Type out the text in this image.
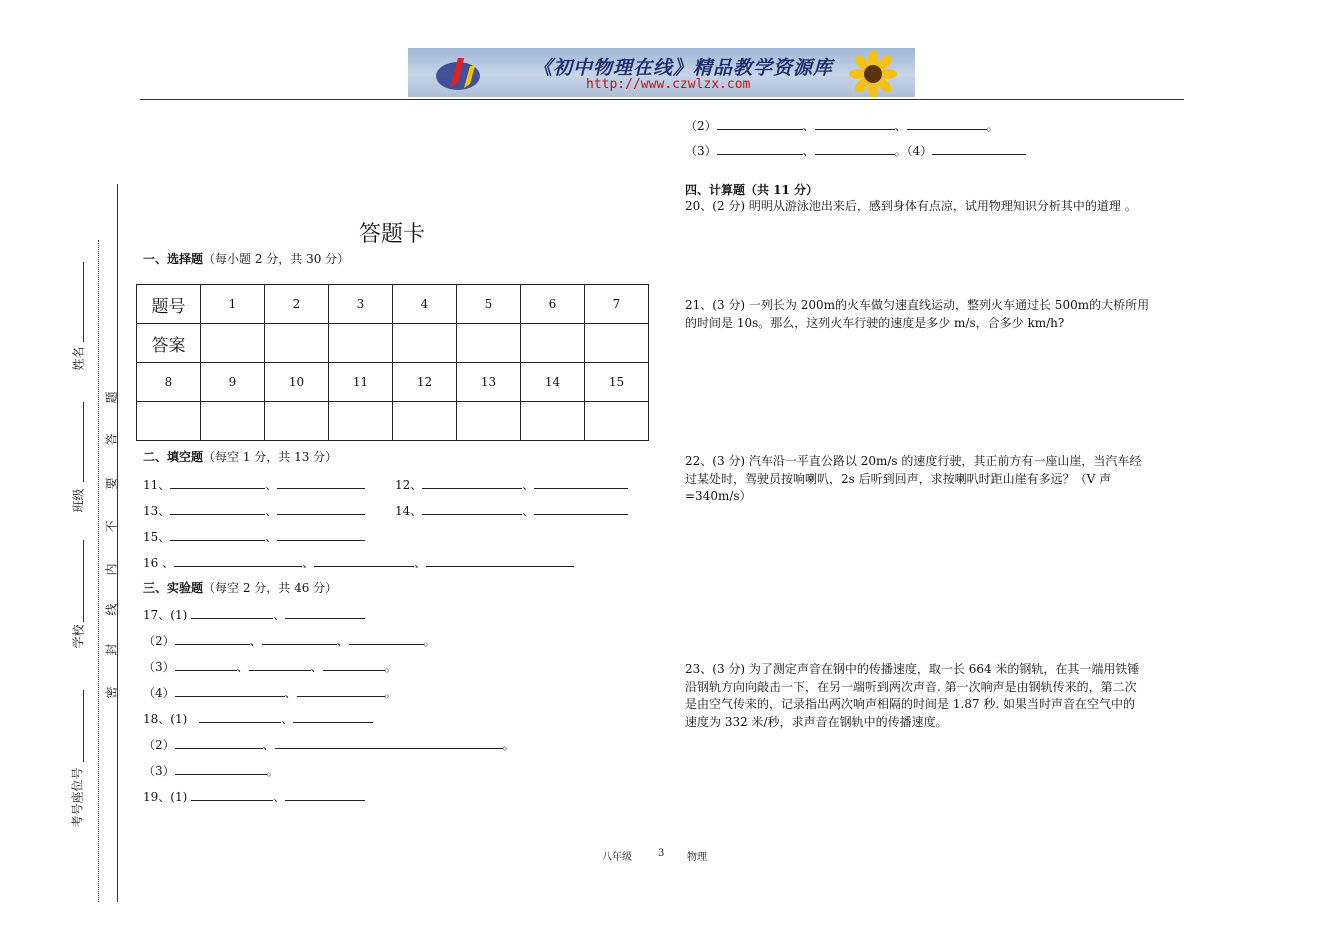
《初中物理在线》精品教学资源库
http://www.czwlzx.com
姓名
班级
学校
考号座位号
题
答
要
不
内
线
封
密
答题卡
一、选择题（每小题 2 分，共 30 分）
题号	1	2	3	4	5	6	7
答案							
8	9	10	11	12	13	14	15

二、填空题（每空 1 分，共 13 分）
11、	、	12、	、
13、	、	14、	、
15、	、
16 、	、	、
三、实验题（每空 2 分，共 46 分）
17、(1)	、
（2）	、	、	。
（3）	、	、	。
（4）	、	。
18、(1)	、
（2）	、	。
（3）	。
19、(1)	、
（2）	、	、	。
（3）	、	。（4）
四、计算题（共 11 分）
20、(2 分) 明明从游泳池出来后，感到身体有点凉，试用物理知识分析其中的道理 。
21、(3 分) 一列长为 200m的火车做匀速直线运动，整列火车通过长 500m的大桥所用
的时间是 10s。那么，这列火车行驶的速度是多少 m/s，合多少 km/h?
22、(3 分) 汽车沿一平直公路以 20m/s 的速度行驶，其正前方有一座山崖，当汽车经
过某处时，驾驶员按响喇叭，2s 后听到回声，求按喇叭时距山崖有多远？（V 声
=340m/s）
23、(3 分) 为了测定声音在钢中的传播速度，取一长 664 米的钢轨，在其一端用铁锤
沿钢轨方向向敲击一下，在另一端听到两次声音. 第一次响声是由钢轨传来的，第二次
是由空气传来的，记录指出两次响声相隔的时间是 1.87 秒. 如果当时声音在空气中的
速度为 332 米/秒，求声音在钢轨中的传播速度。
八年级	3 物理
